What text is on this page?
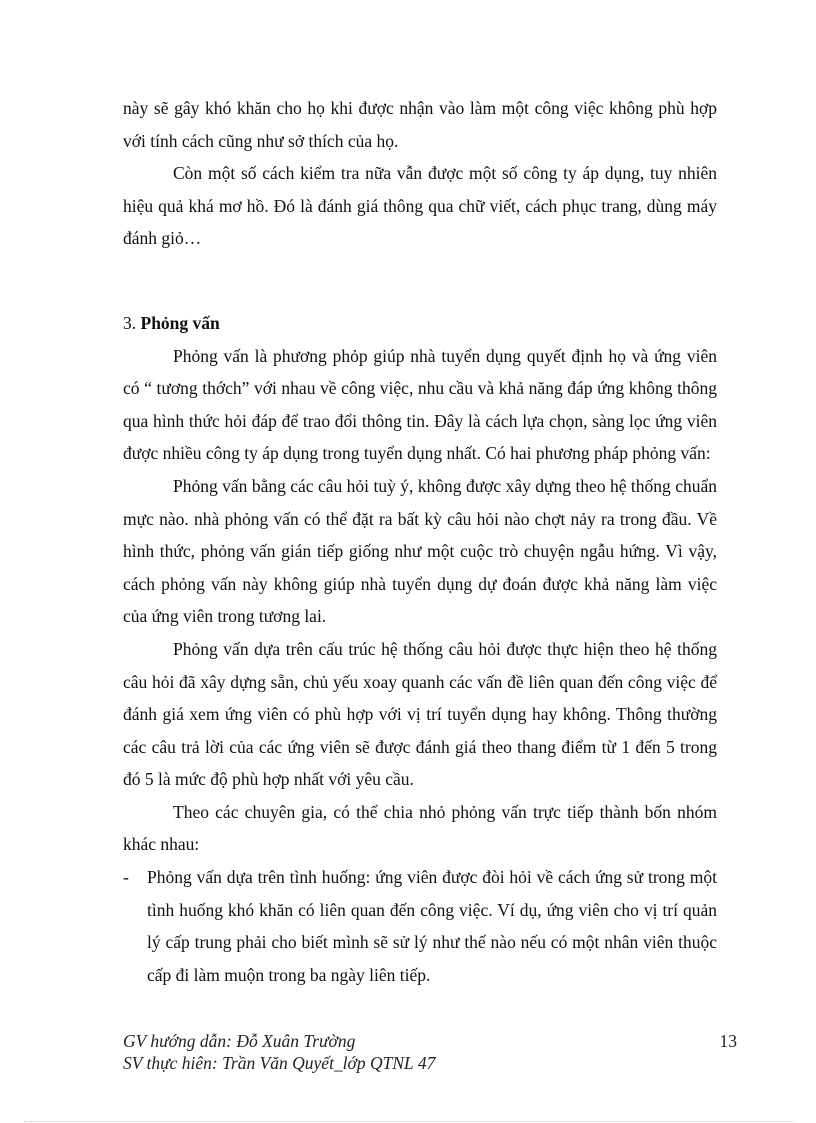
này sẽ gây khó khăn cho họ khi được nhận vào làm một công việc không phù hợp với tính cách cũng như sở thích của họ.

Còn một số cách kiểm tra nữa vẫn được một số công ty áp dụng, tuy nhiên hiệu quả khá mơ hồ. Đó là đánh giá thông qua chữ viết, cách phục trang, dùng máy đánh giỏ…

3. Phỏng vấn

Phỏng vấn là phương phỏp giúp nhà tuyển dụng quyết định họ và ứng viên có “ tương thớch” với nhau về công việc, nhu cầu và khả năng đáp ứng không thông qua hình thức hỏi đáp để trao đổi thông tin. Đây là cách lựa chọn, sàng lọc ứng viên được nhiều công ty áp dụng trong tuyển dụng nhất. Có hai phương pháp phỏng vấn:

Phỏng vấn bằng các câu hỏi tuỳ ý, không được xây dựng theo hệ thống chuẩn mực nào. nhà phỏng vấn có thể đặt ra bất kỳ câu hỏi nào chợt nảy ra trong đầu. Về hình thức, phỏng vấn gián tiếp giống như một cuộc trò chuyện ngẫu hứng. Vì vậy, cách phỏng vấn này không giúp nhà tuyển dụng dự đoán được khả năng làm việc của ứng viên trong tương lai.

Phỏng vấn dựa trên cấu trúc hệ thống câu hỏi được thực hiện theo hệ thống câu hỏi đã xây dựng sẵn, chủ yếu xoay quanh các vấn đề liên quan đến công việc để đánh giá xem ứng viên có phù hợp với vị trí tuyển dụng hay không. Thông thường các câu trả lời của các ứng viên sẽ được đánh giá theo thang điểm từ 1 đến 5 trong đó 5 là mức độ phù hợp nhất với yêu cầu.

Theo các chuyên gia, có thể chia nhỏ phỏng vấn trực tiếp thành bốn nhóm khác nhau:

- Phỏng vấn dựa trên tình huống: ứng viên được đòi hỏi về cách ứng sử trong một tình huống khó khăn có liên quan đến công việc. Ví dụ, ứng viên cho vị trí quản lý cấp trung phải cho biết mình sẽ sử lý như thế nào nếu có một nhân viên thuộc cấp đi làm muộn trong ba ngày liên tiếp.

GV hướng dẫn: Đỗ Xuân Trường
SV thực hiên: Trần Văn Quyết_lớp QTNL 47
13
